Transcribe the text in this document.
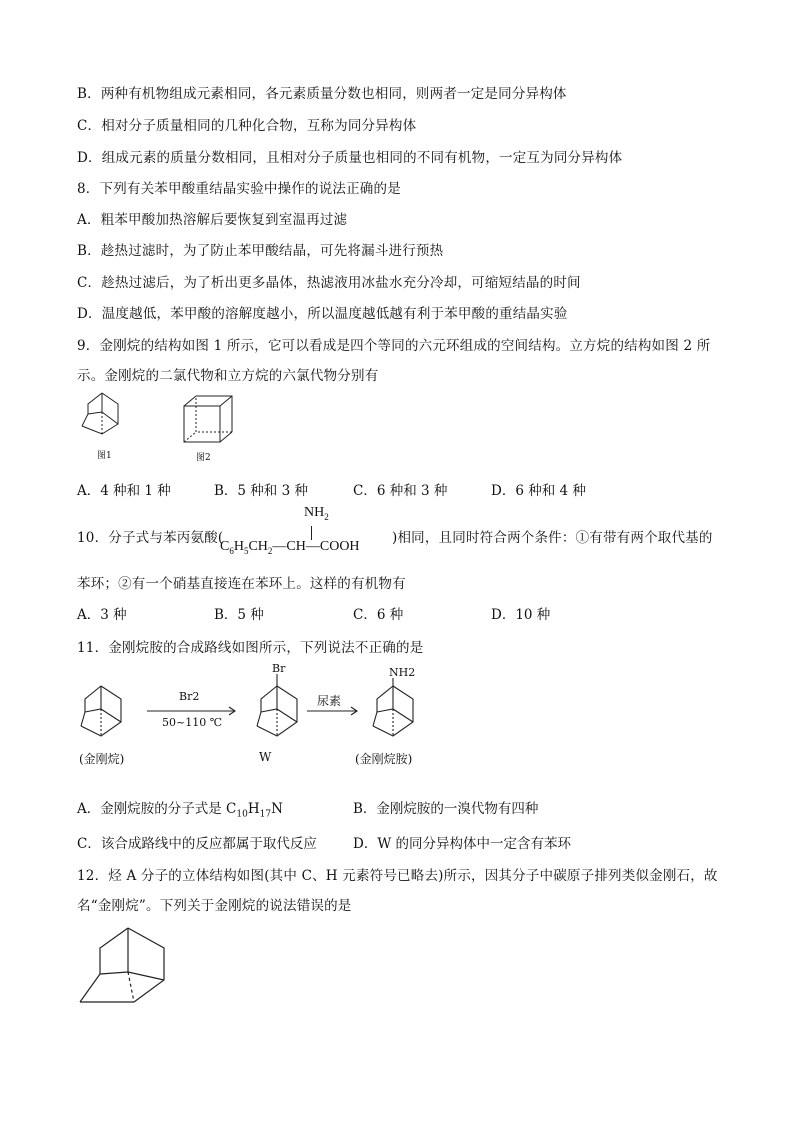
B．两种有机物组成元素相同，各元素质量分数也相同，则两者一定是同分异构体
C．相对分子质量相同的几种化合物，互称为同分异构体
D．组成元素的质量分数相同，且相对分子质量也相同的不同有机物，一定互为同分异构体
8．下列有关苯甲酸重结晶实验中操作的说法正确的是
A．粗苯甲酸加热溶解后要恢复到室温再过滤
B．趁热过滤时，为了防止苯甲酸结晶，可先将漏斗进行预热
C．趁热过滤后，为了析出更多晶体，热滤液用冰盐水充分冷却，可缩短结晶的时间
D．温度越低，苯甲酸的溶解度越小，所以温度越低越有利于苯甲酸的重结晶实验
9．金刚烷的结构如图 1 所示，它可以看成是四个等同的六元环组成的空间结构。立方烷的结构如图 2 所
示。金刚烷的二氯代物和立方烷的六氯代物分别有
图1	图2
A．4 种和 1 种	B．5 种和 3 种	C．6 种和 3 种	D．6 种和 4 种
10．分子式与苯丙氨酸(
$NH_2$
$C_6H_5CH_2—CH—COOH$
)相同，且同时符合两个条件：①有带有两个取代基的
苯环；②有一个硝基直接连在苯环上。这样的有机物有
A．3 种	B．5 种	C．6 种	D．10 种
11．金刚烷胺的合成路线如图所示，下列说法不正确的是
Br2
50~110 ℃
Br
尿素
NH2
(金刚烷)	W	(金刚烷胺)
A．金刚烷胺的分子式是 $C_{10}H_{17}N$	B．金刚烷胺的一溴代物有四种
C．该合成路线中的反应都属于取代反应	D．W 的同分异构体中一定含有苯环
12．烃 A 分子的立体结构如图(其中 C、H 元素符号已略去)所示，因其分子中碳原子排列类似金刚石，故
名“金刚烷”。下列关于金刚烷的说法错误的是
